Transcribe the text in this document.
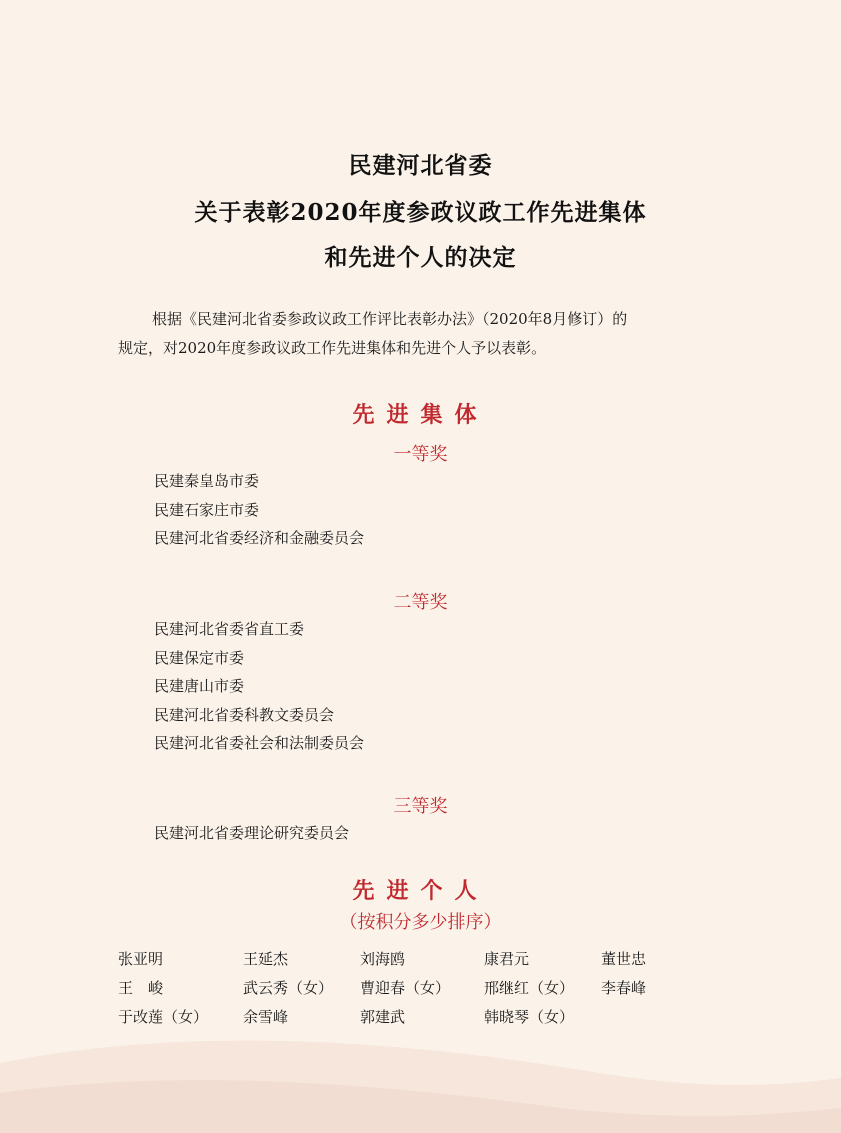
民建河北省委
关于表彰2020年度参政议政工作先进集体
和先进个人的决定
根据《民建河北省委参政议政工作评比表彰办法》（2020年8月修订）的
规定，对2020年度参政议政工作先进集体和先进个人予以表彰。
先进集体
一等奖
民建秦皇岛市委
民建石家庄市委
民建河北省委经济和金融委员会
二等奖
民建河北省委省直工委
民建保定市委
民建唐山市委
民建河北省委科教文委员会
民建河北省委社会和法制委员会
三等奖
民建河北省委理论研究委员会
先进个人
（按积分多少排序）
张亚明	王延杰	刘海鸥	康君元	董世忠
王　峻	武云秀（女） 曹迎春（女） 邢继红（女） 李春峰
于改莲（女） 余雪峰	郭建武	韩晓琴（女）
